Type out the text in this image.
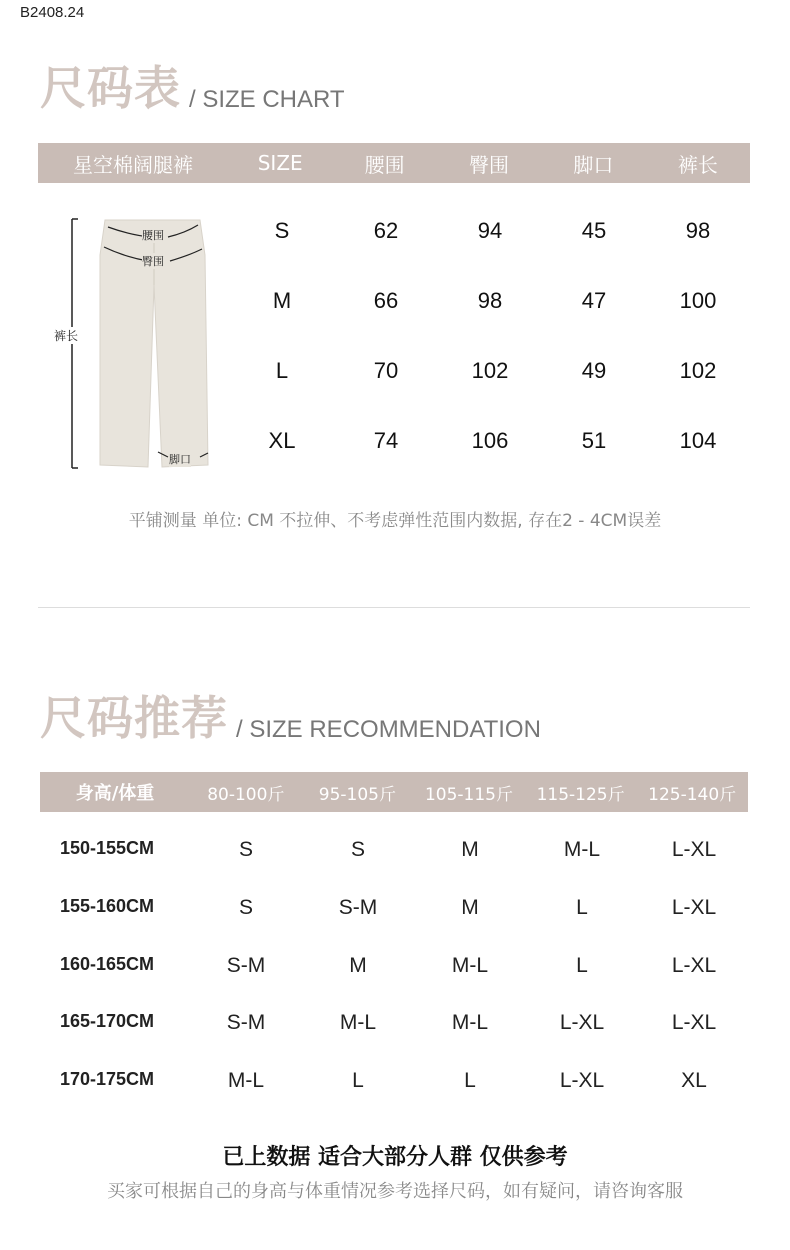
B2408.24
尺码表 / SIZE CHART
星空棉阔腿裤	SIZE	腰围	臀围	脚口	裤长
腰围
臀围
裤长
脚口
S	62	94	45	98
M	66	98	47	100
L	70	102	49	102
XL	74	106	51	104
平铺测量 单位: CM 不拉伸、不考虑弹性范围内数据, 存在2 - 4CM误差
尺码推荐 / SIZE RECOMMENDATION
身高/体重	80-100斤	95-105斤	105-115斤	115-125斤	125-140斤
150-155CM	S	S	M	M-L	L-XL
155-160CM	S	S-M	M	L	L-XL
160-165CM	S-M	M	M-L	L	L-XL
165-170CM	S-M	M-L	M-L	L-XL	L-XL
170-175CM	M-L	L	L	L-XL	XL
已上数据 适合大部分人群 仅供参考
买家可根据自己的身高与体重情况参考选择尺码，如有疑问，请咨询客服
